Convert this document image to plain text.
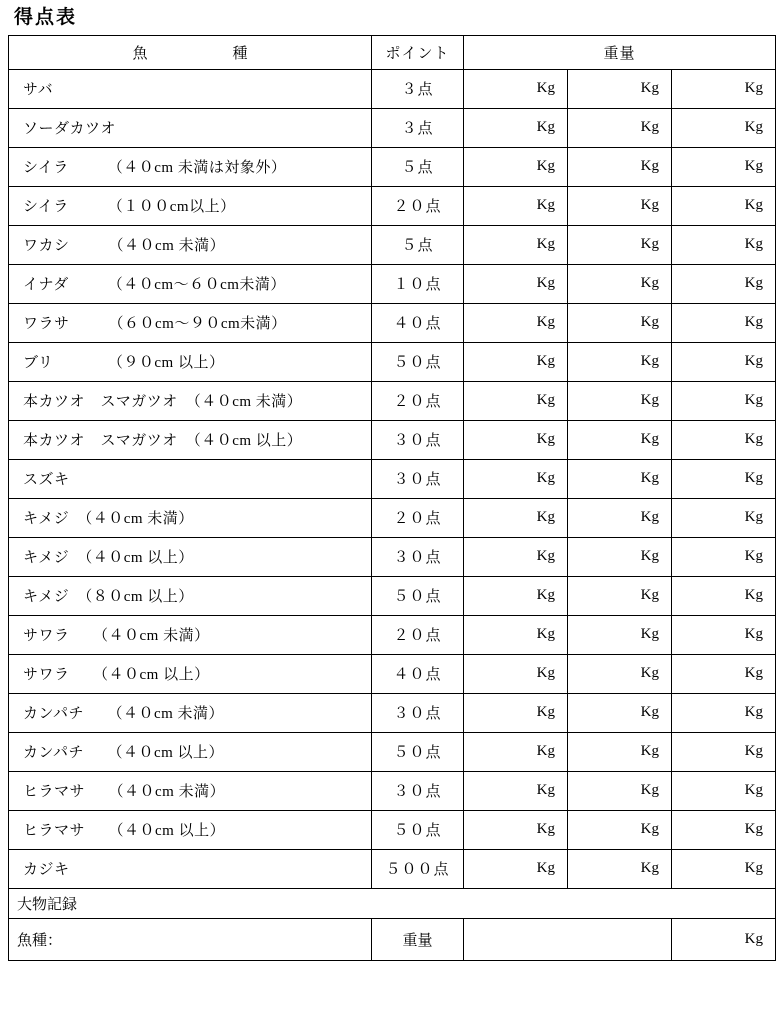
得点表
魚　　　種	ポイント	重量		
サバ	３点	Kg	Kg	Kg
ソーダカツオ	３点	Kg	Kg	Kg
シイラ　　　（４０cm 未満は対象外）	５点	Kg	Kg	Kg
シイラ　　　（１００cm以上）	２０点	Kg	Kg	Kg
ワカシ　　　（４０cm 未満）	５点	Kg	Kg	Kg
イナダ　　　（４０cm～６０cm未満）	１０点	Kg	Kg	Kg
ワラサ　　　（６０cm～９０cm未満）	４０点	Kg	Kg	Kg
ブリ　　　　（９０cm 以上）	５０点	Kg	Kg	Kg
本カツオ　スマガツオ　（４０cm 未満）	２０点	Kg	Kg	Kg
本カツオ　スマガツオ　（４０cm 以上）	３０点	Kg	Kg	Kg
スズキ	３０点	Kg	Kg	Kg
キメジ　（４０cm 未満）	２０点	Kg	Kg	Kg
キメジ　（４０cm 以上）	３０点	Kg	Kg	Kg
キメジ　（８０cm 以上）	５０点	Kg	Kg	Kg
サワラ　　（４０cm 未満）	２０点	Kg	Kg	Kg
サワラ　　（４０cm 以上）	４０点	Kg	Kg	Kg
カンパチ　　（４０cm 未満）	３０点	Kg	Kg	Kg
カンパチ　　（４０cm 以上）	５０点	Kg	Kg	Kg
ヒラマサ　　（４０cm 未満）	３０点	Kg	Kg	Kg
ヒラマサ　　（４０cm 以上）	５０点	Kg	Kg	Kg
カジキ	５００点	Kg	Kg	Kg
大物記録				
魚種：	重量			Kg
